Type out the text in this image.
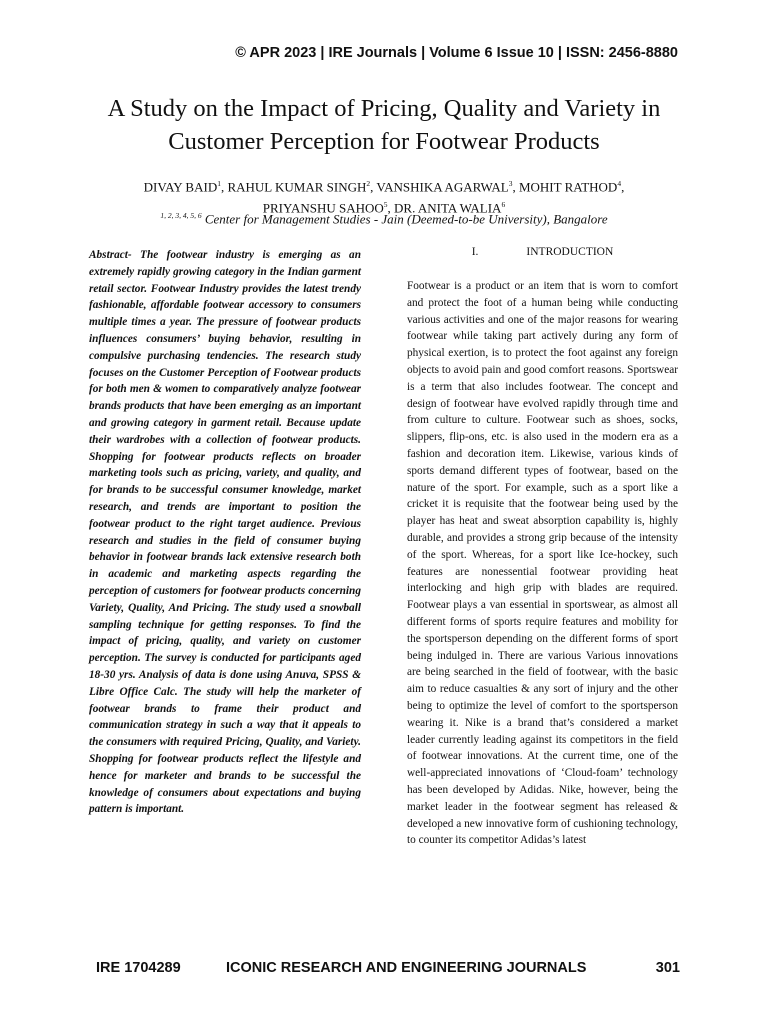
© APR 2023 | IRE Journals | Volume 6 Issue 10 | ISSN: 2456-8880
A Study on the Impact of Pricing, Quality and Variety in Customer Perception for Footwear Products
DIVAY BAID$^1$, RAHUL KUMAR SINGH$^2$, VANSHIKA AGARWAL$^3$, MOHIT RATHOD$^4$,
PRIYANSHU SAHOO$^5$, DR. ANITA WALIA$^6$
$^{1, 2, 3, 4, 5, 6}$ Center for Management Studies - Jain (Deemed-to-be University), Bangalore
Abstract- The footwear industry is emerging as an extremely rapidly growing category in the Indian garment retail sector. Footwear Industry provides the latest trendy fashionable, affordable footwear accessory to consumers multiple times a year. The pressure of footwear products influences consumers’ buying behavior, resulting in compulsive purchasing tendencies. The research study focuses on the Customer Perception of Footwear products for both men & women to comparatively analyze footwear brands products that have been emerging as an important and growing category in garment retail. Because update their wardrobes with a collection of footwear products. Shopping for footwear products reflects on broader marketing tools such as pricing, variety, and quality, and for brands to be successful consumer knowledge, market research, and trends are important to position the footwear product to the right target audience. Previous research and studies in the field of consumer buying behavior in footwear brands lack extensive research both in academic and marketing aspects regarding the perception of customers for footwear products concerning Variety, Quality, And Pricing. The study used a snowball sampling technique for getting responses. To find the impact of pricing, quality, and variety on customer perception. The survey is conducted for participants aged 18-30 yrs. Analysis of data is done using Anuva, SPSS & Libre Office Calc. The study will help the marketer of footwear brands to frame their product and communication strategy in such a way that it appeals to the consumers with required Pricing, Quality, and Variety. Shopping for footwear products reflect the lifestyle and hence for marketer and brands to be successful the knowledge of consumers about expectations and buying pattern is important.
I.	INTRODUCTION
Footwear is a product or an item that is worn to comfort and protect the foot of a human being while conducting various activities and one of the major reasons for wearing footwear while taking part actively during any form of physical exertion, is to protect the foot against any foreign objects to avoid pain and good comfort reasons. Sportswear is a term that also includes footwear. The concept and design of footwear have evolved rapidly through time and from culture to culture. Footwear such as shoes, socks, slippers, flip-ons, etc. is also used in the modern era as a fashion and decoration item. Likewise, various kinds of sports demand different types of footwear, based on the nature of the sport. For example, such as a sport like a cricket it is requisite that the footwear being used by the player has heat and sweat absorption capability is, highly durable, and provides a strong grip because of the intensity of the sport. Whereas, for a sport like Ice-hockey, such features are nonessential footwear providing heat interlocking and high grip with blades are required. Footwear plays a van essential in sportswear, as almost all different forms of sports require features and mobility for the sportsperson depending on the different forms of sport being indulged in. There are various Various innovations are being searched in the field of footwear, with the basic aim to reduce casualties & any sort of injury and the other being to optimize the level of comfort to the sportsperson wearing it. Nike is a brand that’s considered a market leader currently leading against its competitors in the field of footwear innovations. At the current time, one of the well-appreciated innovations of ‘Cloud-foam’ technology has been developed by Adidas. Nike, however, being the market leader in the footwear segment has released & developed a new innovative form of cushioning technology, to counter its competitor Adidas’s latest
IRE 1704289	ICONIC RESEARCH AND ENGINEERING JOURNALS	301
